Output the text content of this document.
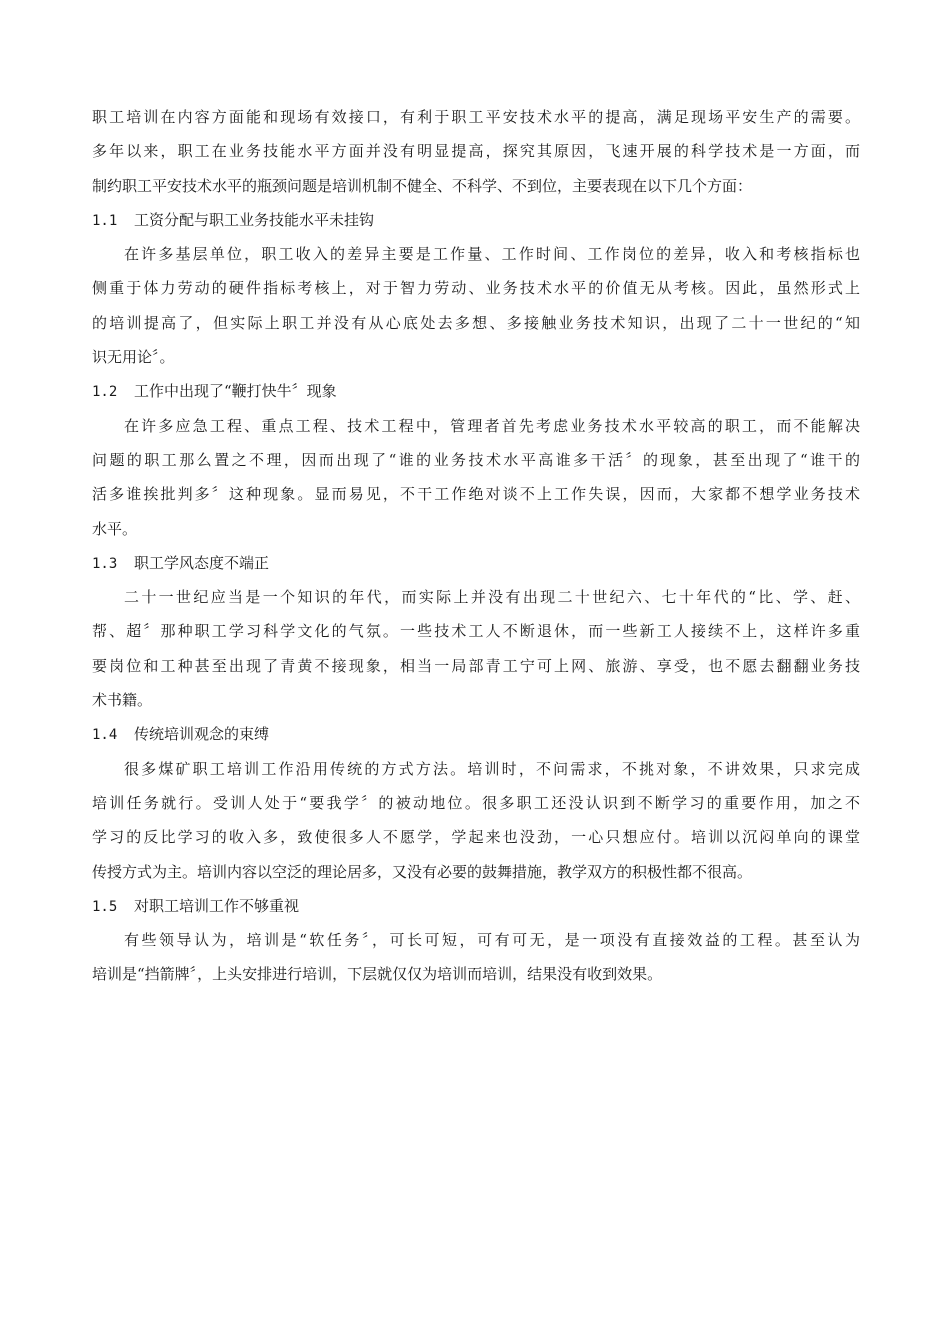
职工培训在内容方面能和现场有效接口，有利于职工平安技术水平的提高，满足现场平安生产的需要。
多年以来，职工在业务技能水平方面并没有明显提高，探究其原因，飞速开展的科学技术是一方面，而
制约职工平安技术水平的瓶颈问题是培训机制不健全、不科学、不到位，主要表现在以下几个方面：
1.1 工资分配与职工业务技能水平未挂钩
在许多基层单位，职工收入的差异主要是工作量、工作时间、工作岗位的差异，收入和考核指标也
侧重于体力劳动的硬件指标考核上，对于智力劳动、业务技术水平的价值无从考核。因此，虽然形式上
的培训提高了，但实际上职工并没有从心底处去多想、多接触业务技术知识，出现了二十一世纪的“知
识无用论〞。
1.2 工作中出现了“鞭打快牛〞现象
在许多应急工程、重点工程、技术工程中，管理者首先考虑业务技术水平较高的职工，而不能解决
问题的职工那么置之不理，因而出现了“谁的业务技术水平高谁多干活〞的现象，甚至出现了“谁干的
活多谁挨批判多〞这种现象。显而易见，不干工作绝对谈不上工作失误，因而，大家都不想学业务技术
水平。
1.3 职工学风态度不端正
二十一世纪应当是一个知识的年代，而实际上并没有出现二十世纪六、七十年代的“比、学、赶、
帮、超〞那种职工学习科学文化的气氛。一些技术工人不断退休，而一些新工人接续不上，这样许多重
要岗位和工种甚至出现了青黄不接现象，相当一局部青工宁可上网、旅游、享受，也不愿去翻翻业务技
术书籍。
1.4 传统培训观念的束缚
很多煤矿职工培训工作沿用传统的方式方法。培训时，不问需求，不挑对象，不讲效果，只求完成
培训任务就行。受训人处于“要我学〞的被动地位。很多职工还没认识到不断学习的重要作用，加之不
学习的反比学习的收入多，致使很多人不愿学，学起来也没劲，一心只想应付。培训以沉闷单向的课堂
传授方式为主。培训内容以空泛的理论居多，又没有必要的鼓舞措施，教学双方的积极性都不很高。
1.5 对职工培训工作不够重视
有些领导认为，培训是“软任务〞，可长可短，可有可无，是一项没有直接效益的工程。甚至认为
培训是“挡箭牌〞，上头安排进行培训，下层就仅仅为培训而培训，结果没有收到效果。
